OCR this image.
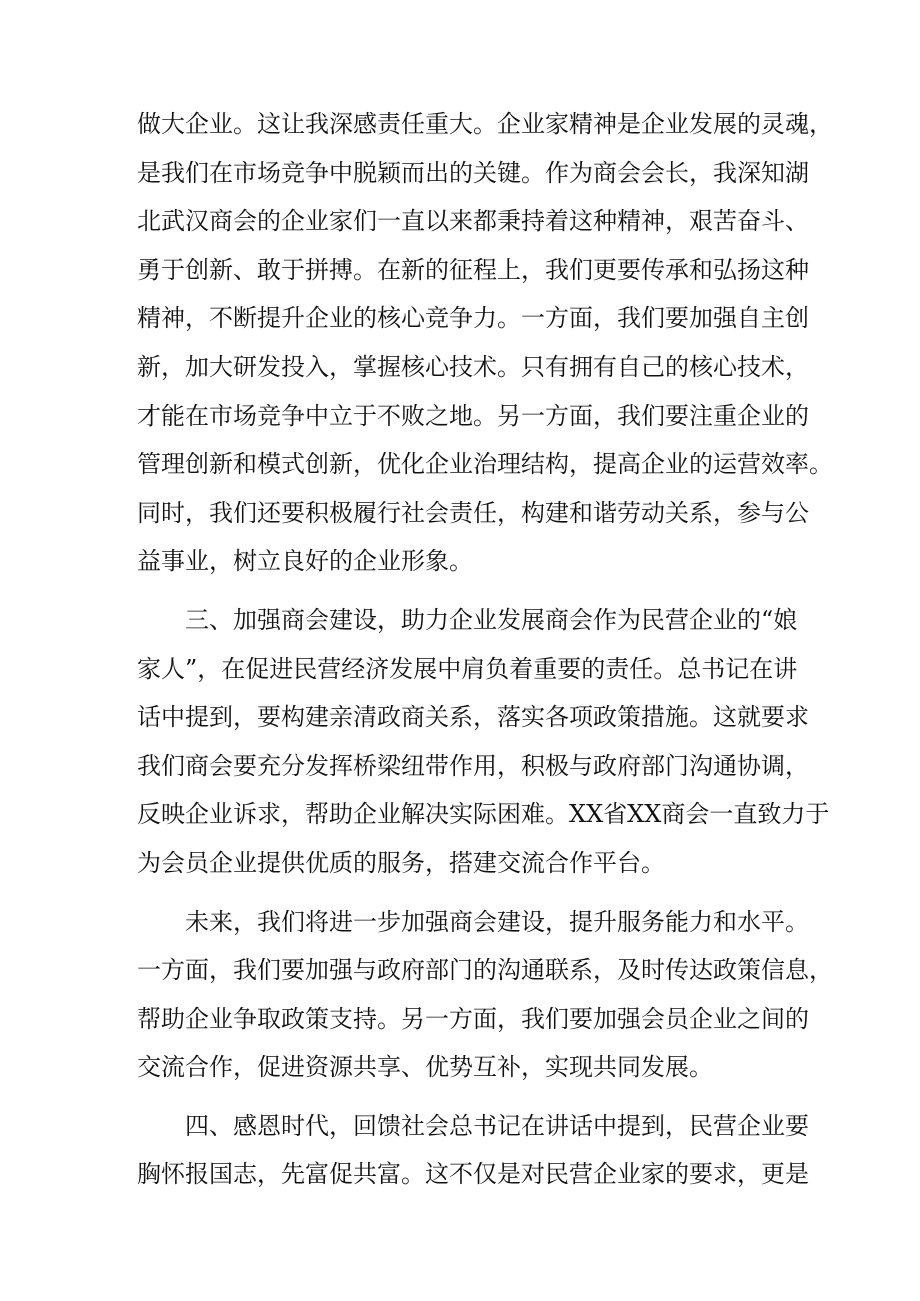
做大企业。这让我深感责任重大。企业家精神是企业发展的灵魂，
是我们在市场竞争中脱颖而出的关键。作为商会会长，我深知湖
北武汉商会的企业家们一直以来都秉持着这种精神，艰苦奋斗、
勇于创新、敢于拼搏。在新的征程上，我们更要传承和弘扬这种
精神，不断提升企业的核心竞争力。一方面，我们要加强自主创
新，加大研发投入，掌握核心技术。只有拥有自己的核心技术，
才能在市场竞争中立于不败之地。另一方面，我们要注重企业的
管理创新和模式创新，优化企业治理结构，提高企业的运营效率。
同时，我们还要积极履行社会责任，构建和谐劳动关系，参与公
益事业，树立良好的企业形象。
三、加强商会建设，助力企业发展商会作为民营企业的“娘
家人”，在促进民营经济发展中肩负着重要的责任。总书记在讲
话中提到，要构建亲清政商关系，落实各项政策措施。这就要求
我们商会要充分发挥桥梁纽带作用，积极与政府部门沟通协调，
反映企业诉求，帮助企业解决实际困难。XX省XX商会一直致力于
为会员企业提供优质的服务，搭建交流合作平台。
未来，我们将进一步加强商会建设，提升服务能力和水平。
一方面，我们要加强与政府部门的沟通联系，及时传达政策信息，
帮助企业争取政策支持。另一方面，我们要加强会员企业之间的
交流合作，促进资源共享、优势互补，实现共同发展。
四、感恩时代，回馈社会总书记在讲话中提到，民营企业要
胸怀报国志，先富促共富。这不仅是对民营企业家的要求，更是
